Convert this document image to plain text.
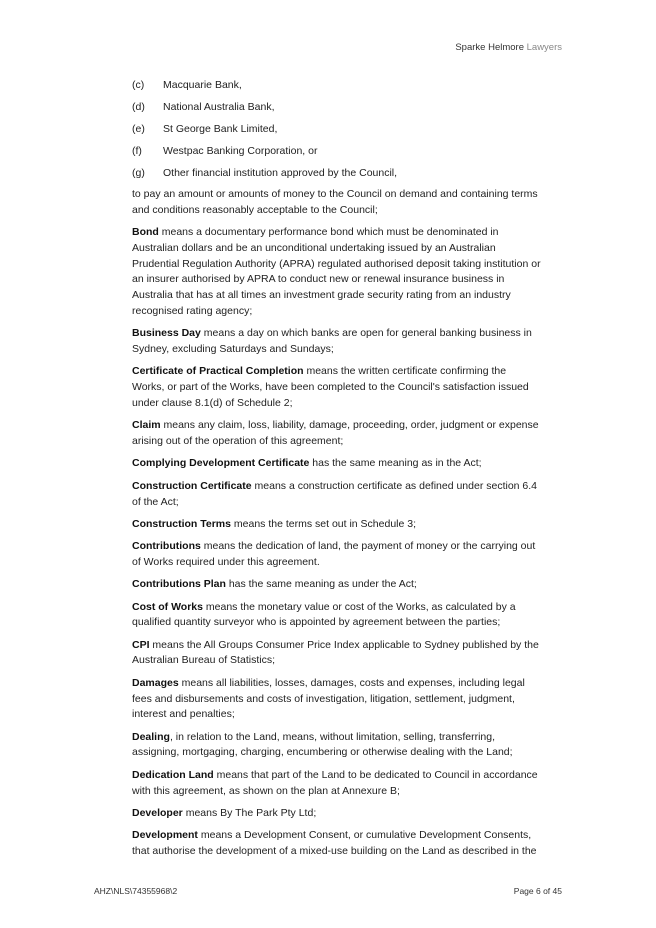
Sparke Helmore Lawyers
(c) Macquarie Bank,
(d) National Australia Bank,
(e) St George Bank Limited,
(f) Westpac Banking Corporation, or
(g) Other financial institution approved by the Council,
to pay an amount or amounts of money to the Council on demand and containing terms
and conditions reasonably acceptable to the Council;
Bond means a documentary performance bond which must be denominated in
Australian dollars and be an unconditional undertaking issued by an Australian
Prudential Regulation Authority (APRA) regulated authorised deposit taking institution or
an insurer authorised by APRA to conduct new or renewal insurance business in
Australia that has at all times an investment grade security rating from an industry
recognised rating agency;
Business Day means a day on which banks are open for general banking business in
Sydney, excluding Saturdays and Sundays;
Certificate of Practical Completion means the written certificate confirming the
Works, or part of the Works, have been completed to the Council's satisfaction issued
under clause 8.1(d) of Schedule 2;
Claim means any claim, loss, liability, damage, proceeding, order, judgment or expense
arising out of the operation of this agreement;
Complying Development Certificate has the same meaning as in the Act;
Construction Certificate means a construction certificate as defined under section 6.4
of the Act;
Construction Terms means the terms set out in Schedule 3;
Contributions means the dedication of land, the payment of money or the carrying out
of Works required under this agreement.
Contributions Plan has the same meaning as under the Act;
Cost of Works means the monetary value or cost of the Works, as calculated by a
qualified quantity surveyor who is appointed by agreement between the parties;
CPI means the All Groups Consumer Price Index applicable to Sydney published by the
Australian Bureau of Statistics;
Damages means all liabilities, losses, damages, costs and expenses, including legal
fees and disbursements and costs of investigation, litigation, settlement, judgment,
interest and penalties;
Dealing, in relation to the Land, means, without limitation, selling, transferring,
assigning, mortgaging, charging, encumbering or otherwise dealing with the Land;
Dedication Land means that part of the Land to be dedicated to Council in accordance
with this agreement, as shown on the plan at Annexure B;
Developer means By The Park Pty Ltd;
Development means a Development Consent, or cumulative Development Consents,
that authorise the development of a mixed-use building on the Land as described in the
AHZ\NLS\74355968\2	Page 6 of 45
